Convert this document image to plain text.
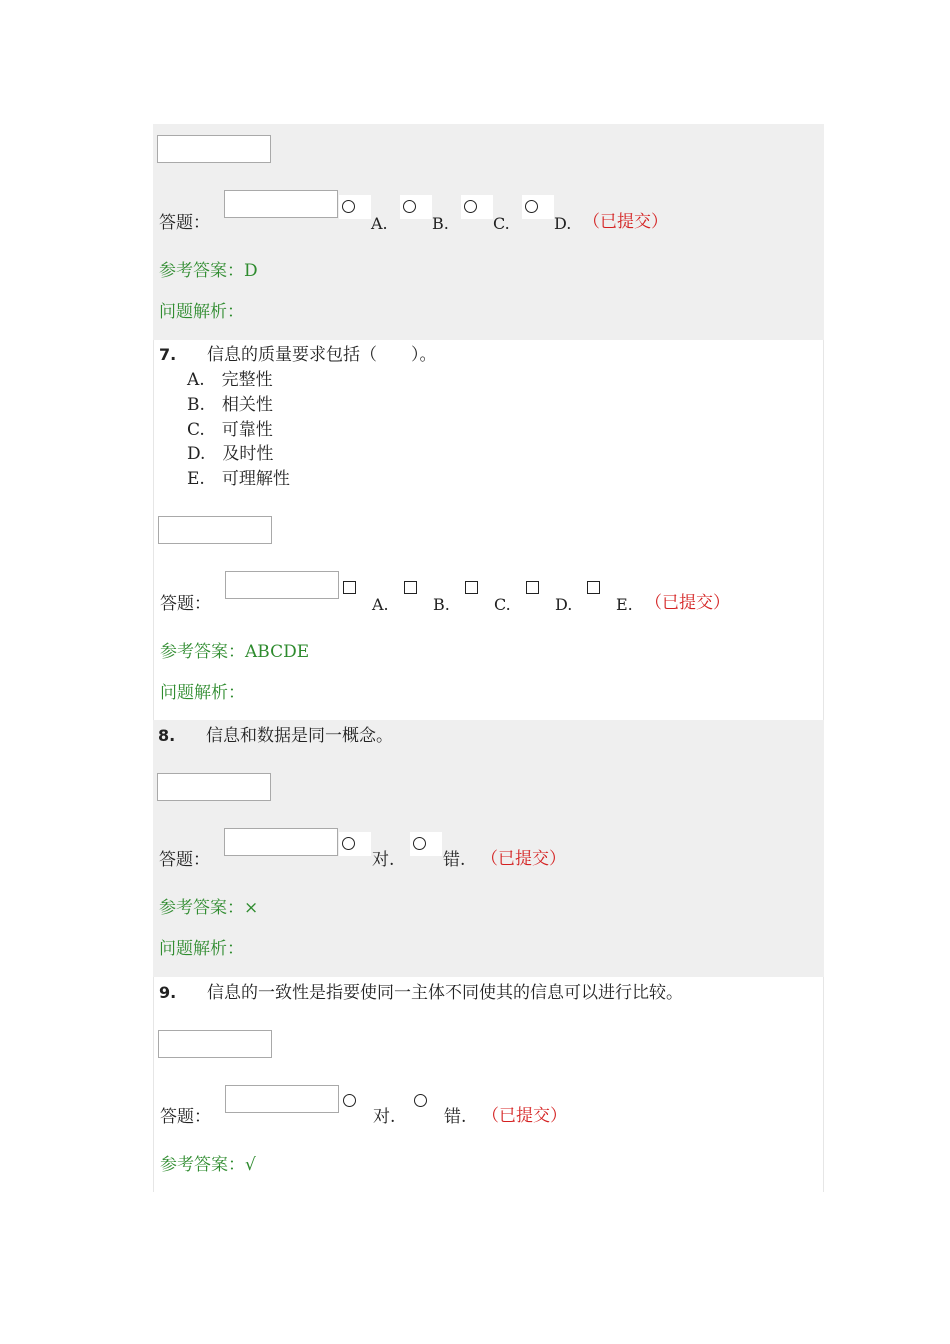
答题：	A.	B.	C.	D. （已提交）
参考答案：D
问题解析：
7. 信息的质量要求包括（　　）。
A.　完整性
B.　相关性
C.　可靠性
D.　及时性
E.　可理解性
答题：	A.	B.	C.	D.	E. （已提交）
参考答案：ABCDE
问题解析：
8. 信息和数据是同一概念。
答题：	对.	错. （已提交）
参考答案：×
问题解析：
9. 信息的一致性是指要使同一主体不同使其的信息可以进行比较。
答题：	对.	错. （已提交）
参考答案：√
